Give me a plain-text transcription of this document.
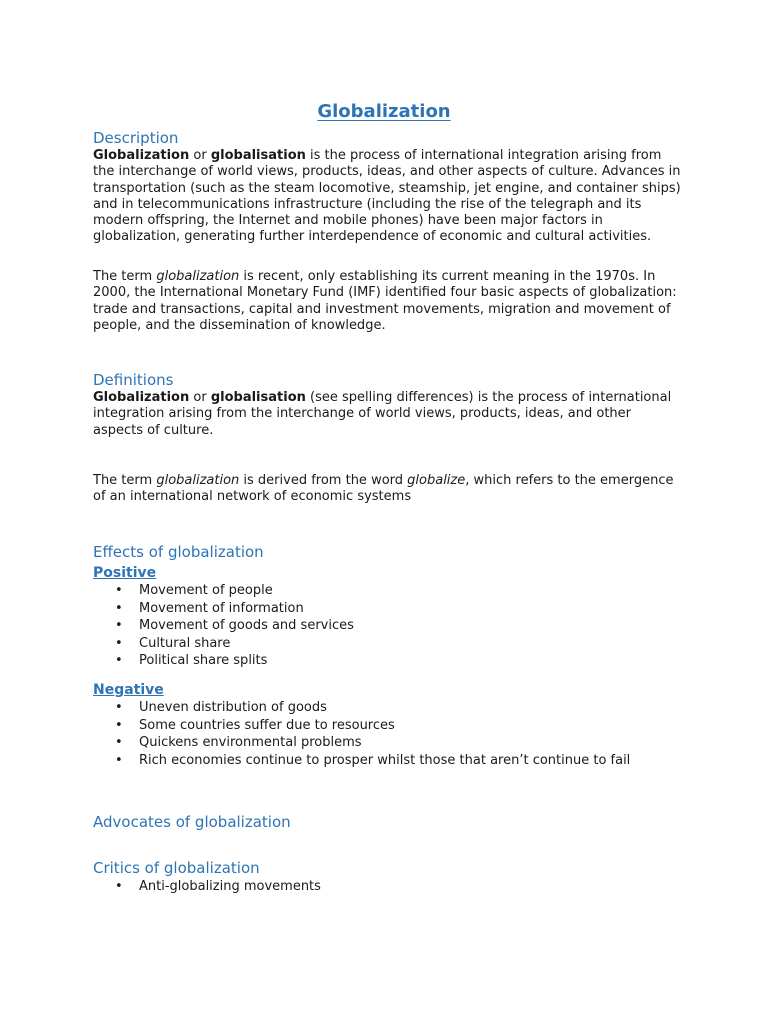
Globalization
Description

Globalization or globalisation is the process of international integration arising from the interchange of world views, products, ideas, and other aspects of culture. Advances in transportation (such as the steam locomotive, steamship, jet engine, and container ships) and in telecommunications infrastructure (including the rise of the telegraph and its modern offspring, the Internet and mobile phones) have been major factors in globalization, generating further interdependence of economic and cultural activities.

The term globalization is recent, only establishing its current meaning in the 1970s. In 2000, the International Monetary Fund (IMF) identified four basic aspects of globalization: trade and transactions, capital and investment movements, migration and movement of people, and the dissemination of knowledge.

Definitions

Globalization or globalisation (see spelling differences) is the process of international integration arising from the interchange of world views, products, ideas, and other aspects of culture.

The term globalization is derived from the word globalize, which refers to the emergence of an international network of economic systems

Effects of globalization
Positive
• Movement of people
• Movement of information
• Movement of goods and services
• Cultural share
• Political share splits
Negative
• Uneven distribution of goods
• Some countries suffer due to resources
• Quickens environmental problems
• Rich economies continue to prosper whilst those that aren’t continue to fail
Advocates of globalization
Critics of globalization
• Anti-globalizing movements
